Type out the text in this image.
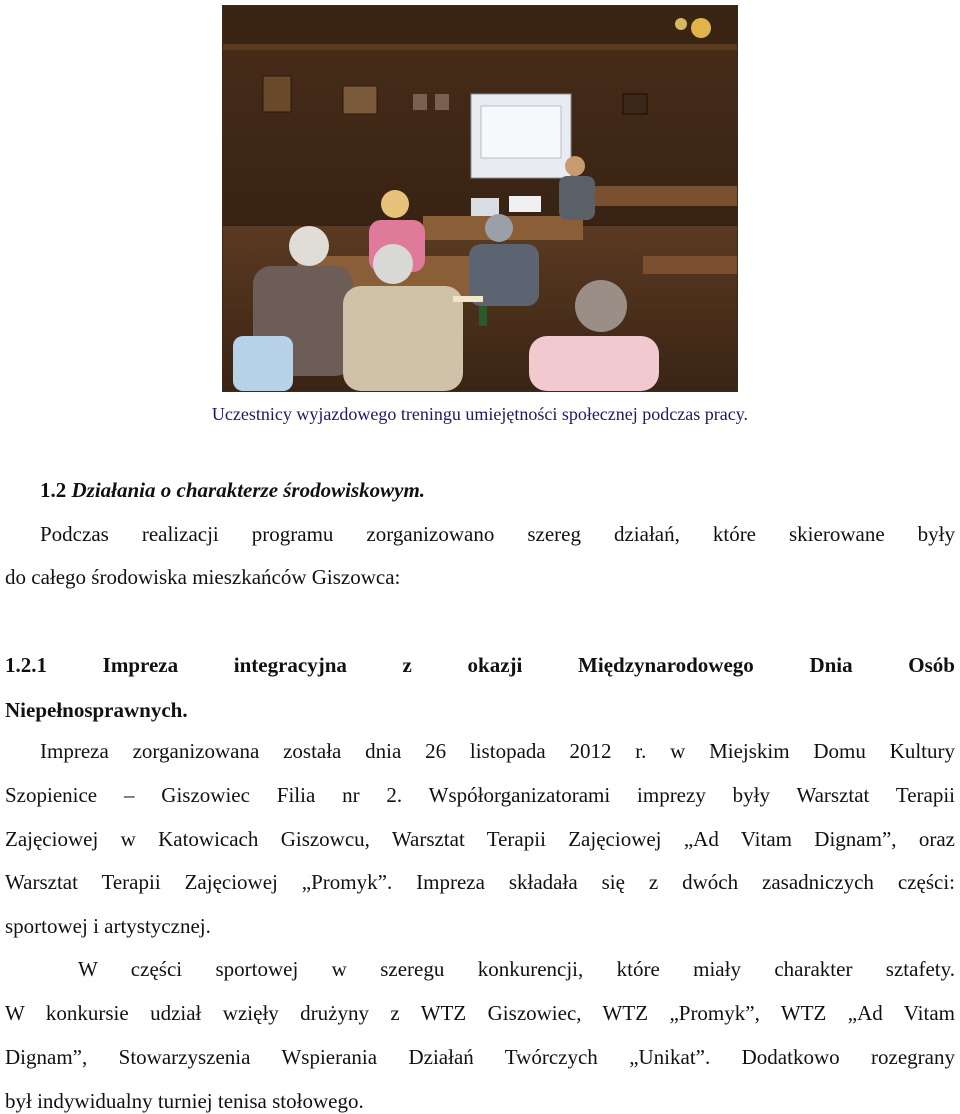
Uczestnicy wyjazdowego treningu umiejętności społecznej podczas pracy.
1.2 Działania o charakterze środowiskowym.
Podczas realizacji programu zorganizowano szereg działań, które skierowane były
do całego środowiska mieszkańców Giszowca:
1.2.1 Impreza integracyjna z okazji Międzynarodowego Dnia Osób
Niepełnosprawnych.
Impreza zorganizowana została dnia 26 listopada 2012 r. w Miejskim Domu Kultury
Szopienice – Giszowiec Filia nr 2. Współorganizatorami imprezy były Warsztat Terapii
Zajęciowej w Katowicach Giszowcu, Warsztat Terapii Zajęciowej „Ad Vitam Dignam”, oraz
Warsztat Terapii Zajęciowej „Promyk”. Impreza składała się z dwóch zasadniczych części:
sportowej i artystycznej.
W części sportowej w szeregu konkurencji, które miały charakter sztafety.
W konkursie udział wzięły drużyny z WTZ Giszowiec, WTZ „Promyk”, WTZ „Ad Vitam
Dignam”, Stowarzyszenia Wspierania Działań Twórczych „Unikat”. Dodatkowo rozegrany
był indywidualny turniej tenisa stołowego.
